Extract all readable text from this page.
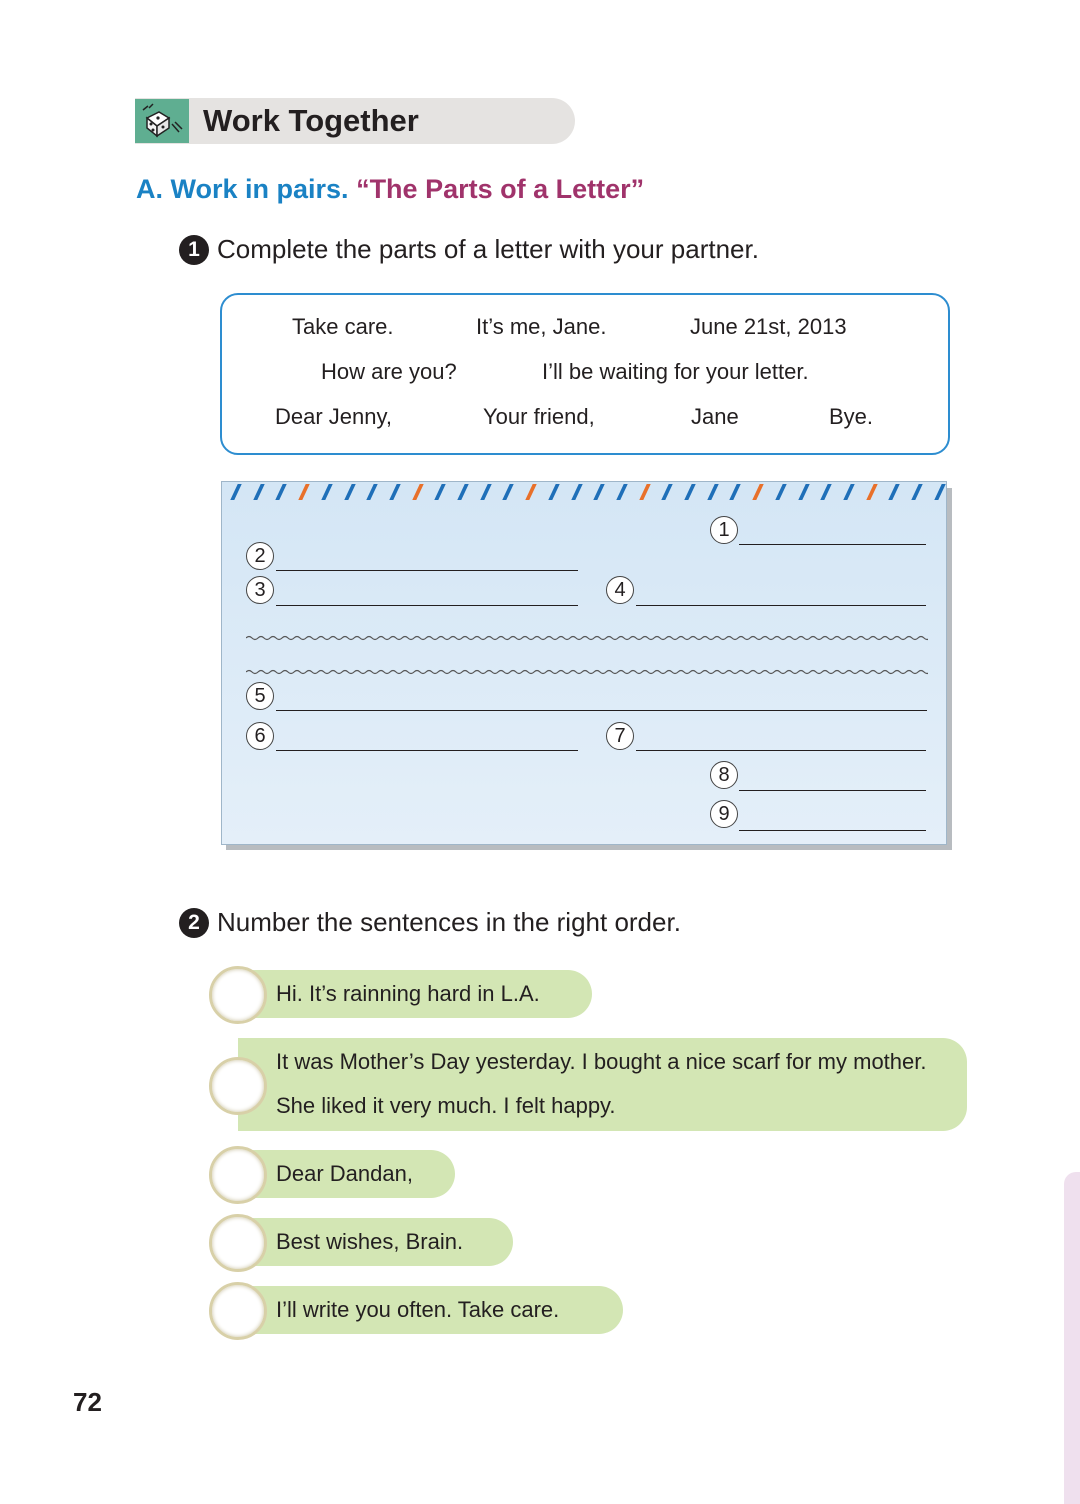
Work Together
A. Work in pairs. “The Parts of a Letter”
1 Complete the parts of a letter with your partner.
Take care.	It’s me, Jane.	June 21st, 2013
How are you?	I’ll be waiting for your letter.
Dear Jenny,	Your friend,	Jane	Bye.
1
2
3	4
5
6	7
8
9
2 Number the sentences in the right order.
Hi. It’s rainning hard in L.A.
It was Mother’s Day yesterday. I bought a nice scarf for my mother.
She liked it very much. I felt happy.
Dear Dandan,
Best wishes, Brain.
I’ll write you often. Take care.
72
